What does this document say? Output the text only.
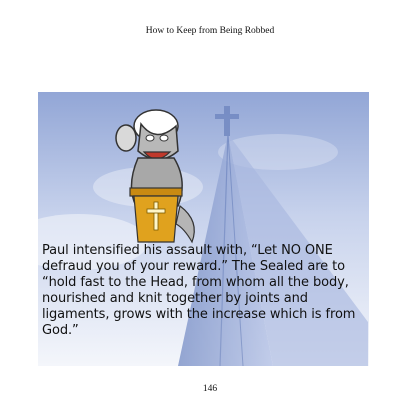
How to Keep from Being Robbed
Paul intensified his assault with, “Let NO ONE
defraud you of your reward.” The Sealed are to
“hold fast to the Head, from whom all the body,
nourished and knit together by joints and
ligaments, grows with the increase which is from
God.”
146
